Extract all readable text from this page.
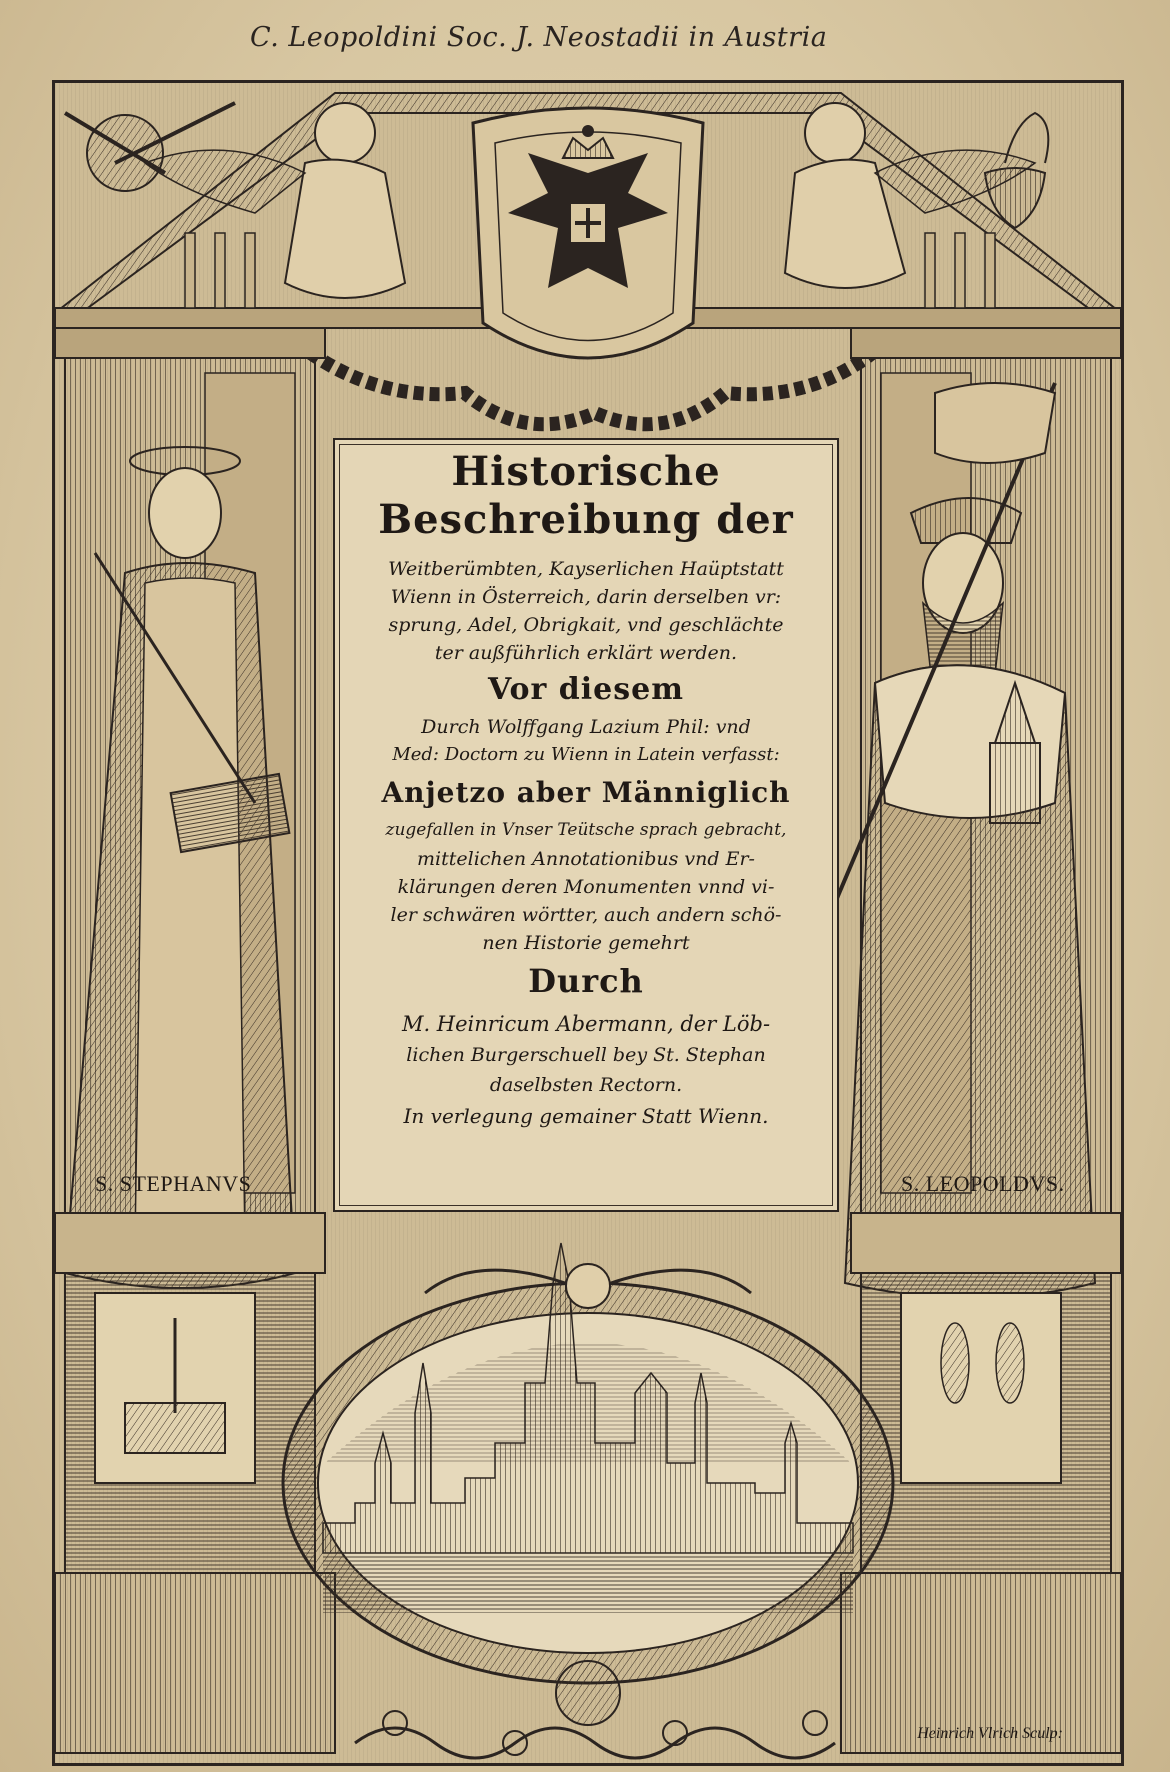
C. Leopoldini Soc. J. Neostadii in Austria
S. STEPHANVS	S. LEOPOLDVS.
Historische
Beschreibung der
Weitberümbten, Kayserlichen Haüptstatt
Wienn in Österreich, darin derselben vr:
sprung, Adel, Obrigkait, vnd geschlächte
ter außführlich erklärt werden.
Vor diesem
Durch Wolffgang Lazium Phil: vnd
Med: Doctorn zu Wienn in Latein verfasst:
Anjetzo aber Männiglich
zugefallen in Vnser Teütsche sprach gebracht,
mittelichen Annotationibus vnd Er-
klärungen deren Monumenten vnnd vi-
ler schwären wörtter, auch andern schö-
nen Historie gemehrt
Durch
M. Heinricum Abermann, der Löb-
lichen Burgerschuell bey St. Stephan
daselbsten Rectorn.
In verlegung gemainer Statt Wienn.
Heinrich Vlrich Sculp:
